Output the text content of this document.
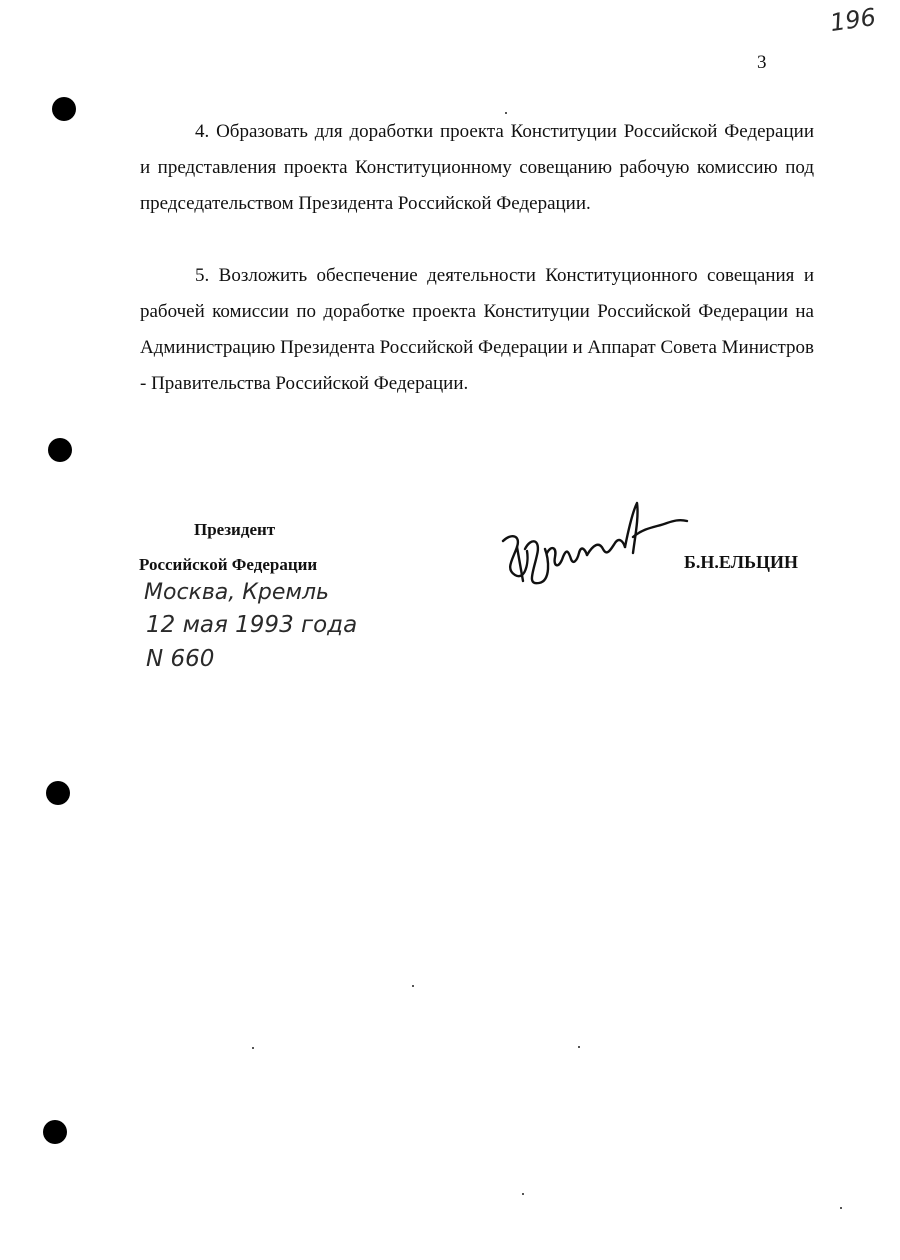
196
3

4. Образовать для доработки проекта Конституции Российской Федерации и представления проекта Конституционному совещанию рабочую комиссию под председательством Президента Российской Федерации.

5. Возложить обеспечение деятельности Конституционного совещания и рабочей комиссии по доработке проекта Конституции Российской Федерации на Администрацию Президента Российской Федерации и Аппарат Совета Министров - Правительства Российской Федерации.

Президент
Российской Федерации	Б.Н.ЕЛЬЦИН
Москва, Кремль
12 мая 1993 года
N 660
